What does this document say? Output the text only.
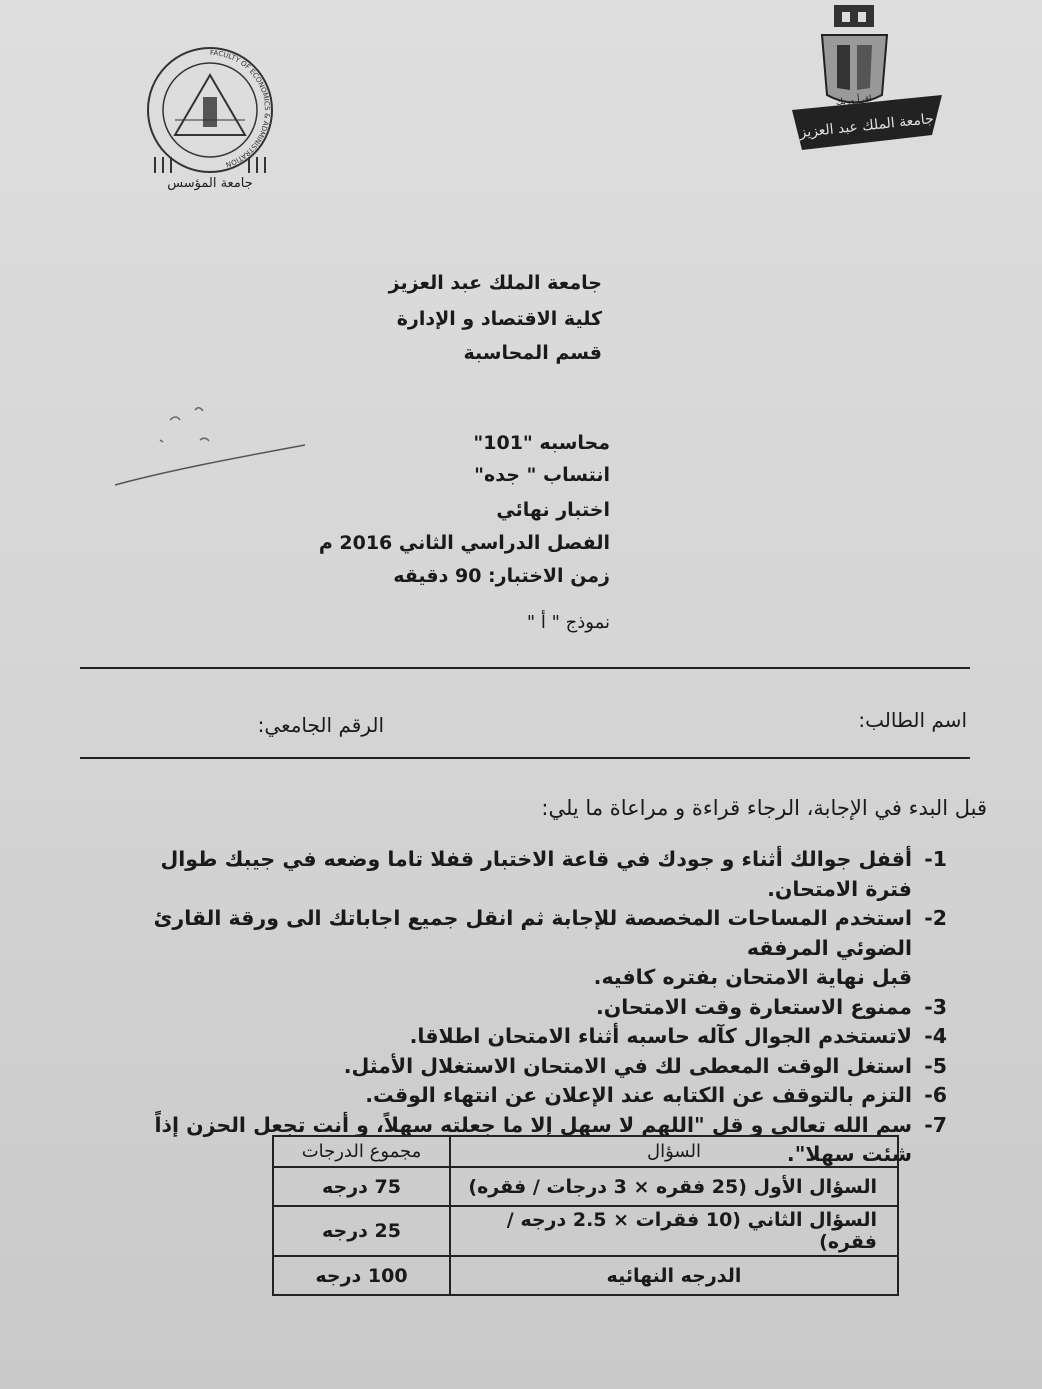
FACULTY OF ECONOMICS & ADMINISTRATION
جامعة المؤسس
جامعة الملك عبد العزيز
اقرأ وربك
جامعة الملك عبد العزيز
كلية الاقتصاد و الإدارة
قسم المحاسبة
محاسبه "101"
انتساب " جده"
اختبار نهائي
الفصل الدراسي الثاني 2016 م
زمن الاختبار: 90 دقيقه
نموذج " أ "
اسم الطالب:
الرقم الجامعي:
قبل البدء في الإجابة، الرجاء قراءة و مراعاة ما يلي:
1-
أقفل جوالك أثناء و جودك في قاعة الاختبار قفلا تاما وضعه في جيبك طوال فترة الامتحان.
2-
استخدم المساحات المخصصة للإجابة ثم انقل جميع اجاباتك الى ورقة القارئ الضوئي المرفقه
قبل نهاية الامتحان بفتره كافيه.
3-
ممنوع الاستعارة وقت الامتحان.
4-
لاتستخدم الجوال كآله حاسبه أثناء الامتحان اطلاقا.
5-
استغل الوقت المعطى لك في الامتحان الاستغلال الأمثل.
6-
التزم بالتوقف عن الكتابه عند الإعلان عن انتهاء الوقت.
7-
سم الله تعالى و قل "اللهم لا سهل إلا ما جعلته سهلاً، و أنت تجعل الحزن إذاً شئت سهلا".
السؤال	مجموع الدرجات
السؤال الأول (25 فقره × 3 درجات / فقره)	75 درجه
السؤال الثاني (10 فقرات × 2.5 درجه / فقره)	25 درجه
الدرجه النهائيه	100 درجه
